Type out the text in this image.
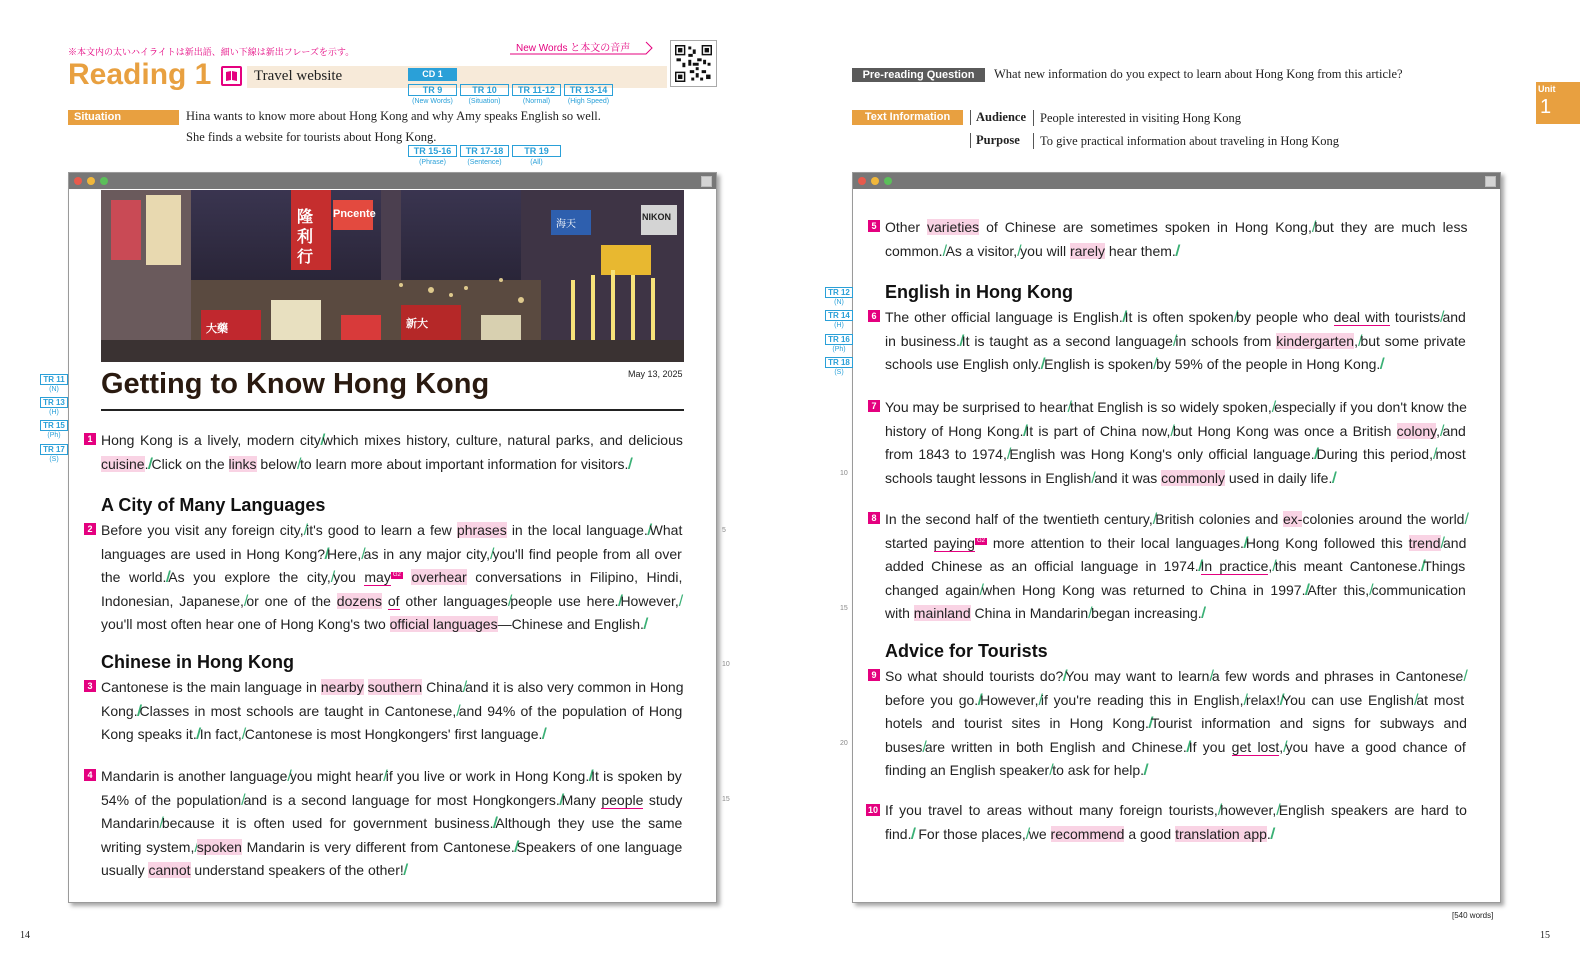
※本文内の太いハイライトは新出語、細い下線は新出フレーズを示す。	New Words と本文の音声
Reading 1	Travel website	CD 1
TR 9
(New Words)
TR 10
(Situation)
TR 11-12
(Normal)
TR 13-14
(High Speed)
Situation	Hina wants to know more about Hong Kong and why Amy speaks English so well.
She finds a website for tourists about Hong Kong.
TR 15-16
(Phrase)
TR 17-18
(Sentence)
TR 19
(All)
TR 11
(N)
TR 13
(H)
TR 15
(Ph)
TR 17
(S)
隆
利
行
Pncente
海天
NIKON
大藥	新大
Getting to Know Hong Kong	May 13, 2025
1 Hong Kong is a lively, modern city which mixes history, culture, natural parks, and delicious cuisine. Click on the links below to learn more about important information for visitors.
A City of Many Languages
2 Before you visit any foreign city, it's good to learn a few phrases in the local language. What languages are used in Hong Kong? Here, as in any major city, you'll find people from all over the world. As you explore the city, you may G2 overhear conversations in Filipino, Hindi, Indonesian, Japanese, or one of the dozens of other languages people use here. However, you'll most often hear one of Hong Kong's two official languages—Chinese and English.
Chinese in Hong Kong
3 Cantonese is the main language in nearby southern China and it is also very common in Hong Kong. Classes in most schools are taught in Cantonese, and 94% of the population of Hong Kong speaks it. In fact, Cantonese is most Hongkongers' first language.
4 Mandarin is another language you might hear if you live or work in Hong Kong. It is spoken by 54% of the population and is a second language for most Hongkongers. Many people study Mandarin because it is often used for government business. Although they use the same writing system, spoken Mandarin is very different from Cantonese. Speakers of one language usually cannot understand speakers of the other!
5
10
15
14
Pre-reading Question	What new information do you expect to learn about Hong Kong from this article?
Unit
1
Text Information	Audience People interested in visiting Hong Kong
Purpose To give practical information about traveling in Hong Kong
TR 12
(N)
TR 14
(H)
TR 16
(Ph)
TR 18
(S)
5 Other varieties of Chinese are sometimes spoken in Hong Kong, but they are much less common. As a visitor, you will rarely hear them.
English in Hong Kong
6 The other official language is English. It is often spoken by people who deal with tourists and in business. It is taught as a second language in schools from kindergarten, but some private schools use English only. English is spoken by 59% of the people in Hong Kong.
7 You may be surprised to hear that English is so widely spoken, especially if you don't know the history of Hong Kong. It is part of China now, but Hong Kong was once a British colony, and from 1843 to 1974, English was Hong Kong's only official language. During this period, most schools taught lessons in English and it was commonly used in daily life.
8 In the second half of the twentieth century, British colonies and ex-colonies around the world started paying G2 more attention to their local languages. Hong Kong followed this trend and added Chinese as an official language in 1974. In practice, this meant Cantonese. Things changed again when Hong Kong was returned to China in 1997. After this, communication with mainland China in Mandarin began increasing.
Advice for Tourists
9 So what should tourists do? You may want to learn a few words and phrases in Cantonese before you go. However, if you're reading this in English, relax! You can use English at most hotels and tourist sites in Hong Kong. Tourist information and signs for subways and buses are written in both English and Chinese. If you get lost, you have a good chance of finding an English speaker to ask for help.
10 If you travel to areas without many foreign tourists, however, English speakers are hard to find. For those places, we recommend a good translation app.
10
15
20
[540 words]
15
